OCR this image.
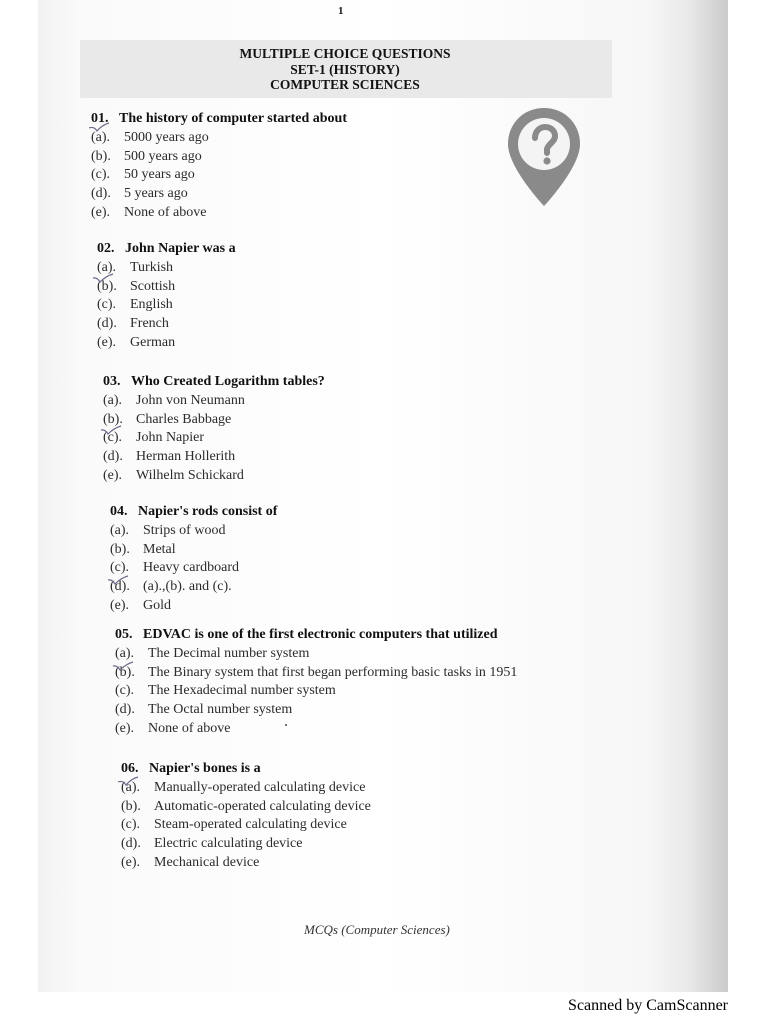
1
MULTIPLE CHOICE QUESTIONS
SET-1 (HISTORY)
COMPUTER SCIENCES
01. The history of computer started about
(a). 5000 years ago
(b). 500 years ago
(c). 50 years ago
(d). 5 years ago
(e). None of above
02. John Napier was a
(a). Turkish
(b). Scottish
(c). English
(d). French
(e). German
03. Who Created Logarithm tables?
(a). John von Neumann
(b). Charles Babbage
(c). John Napier
(d). Herman Hollerith
(e). Wilhelm Schickard
04. Napier's rods consist of
(a). Strips of wood
(b). Metal
(c). Heavy cardboard
(d). (a).,(b). and (c).
(e). Gold
05. EDVAC is one of the first electronic computers that utilized
(a). The Decimal number system
(b). The Binary system that first began performing basic tasks in 1951
(c). The Hexadecimal number system
(d). The Octal number system
(e). None of above
06. Napier's bones is a
(a). Manually-operated calculating device
(b). Automatic-operated calculating device
(c). Steam-operated calculating device
(d). Electric calculating device
(e). Mechanical device
MCQs (Computer Sciences)
Scanned by CamScanner
